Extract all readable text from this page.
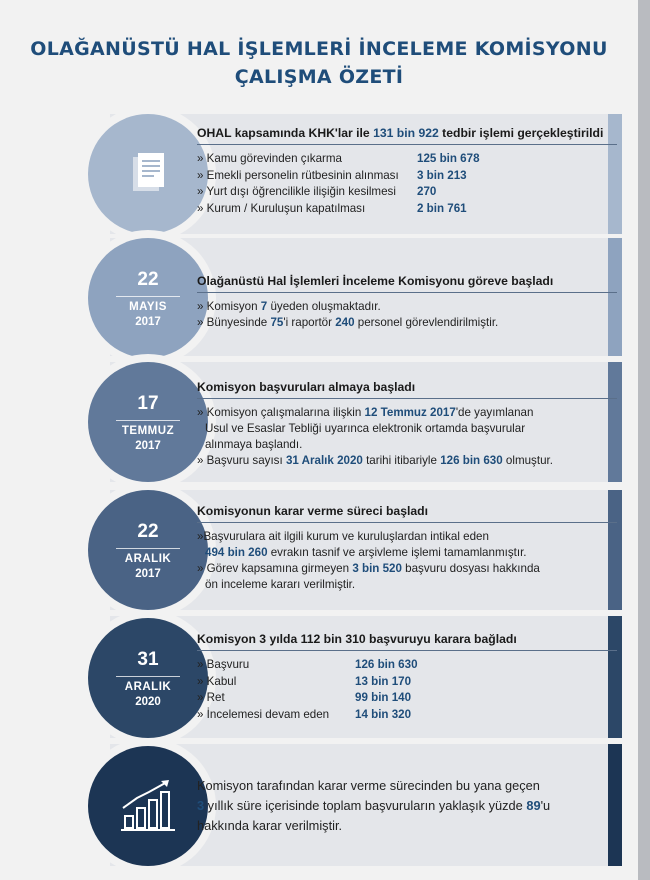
OLAĞANÜSTÜ HAL İŞLEMLERİ İNCELEME KOMİSYONU
ÇALIŞMA ÖZETİ
22
MAYIS
2017
17
TEMMUZ
2017
22
ARALIK
2017
31
ARALIK
2020
OHAL kapsamında KHK'lar ile 131 bin 922 tedbir işlemi gerçekleştirildi
» Kamu görevinden çıkarma	125 bin 678
» Emekli personelin rütbesinin alınması	3 bin 213
» Yurt dışı öğrencilikle ilişiğin kesilmesi	270
» Kurum / Kuruluşun kapatılması	2 bin 761
Olağanüstü Hal İşlemleri İnceleme Komisyonu göreve başladı
» Komisyon 7 üyeden oluşmaktadır.
» Bünyesinde 75'i raportör 240 personel görevlendirilmiştir.
Komisyon başvuruları almaya başladı
» Komisyon çalışmalarına ilişkin 12 Temmuz 2017'de yayımlanan
Usul ve Esaslar Tebliği uyarınca elektronik ortamda başvurular
alınmaya başlandı.
» Başvuru sayısı 31 Aralık 2020 tarihi itibariyle 126 bin 630 olmuştur.
Komisyonun karar verme süreci başladı
»Başvurulara ait ilgili kurum ve kuruluşlardan intikal eden
494 bin 260 evrakın tasnif ve arşivleme işlemi tamamlanmıştır.
» Görev kapsamına girmeyen 3 bin 520 başvuru dosyası hakkında
ön inceleme kararı verilmiştir.
Komisyon 3 yılda 112 bin 310 başvuruyu karara bağladı
» Başvuru	126 bin 630
» Kabul	13 bin 170
» Ret	99 bin 140
» İncelemesi devam eden	14 bin 320
Komisyon tarafından karar verme sürecinden bu yana geçen
3 yıllık süre içerisinde toplam başvuruların yaklaşık yüzde 89'u
hakkında karar verilmiştir.
